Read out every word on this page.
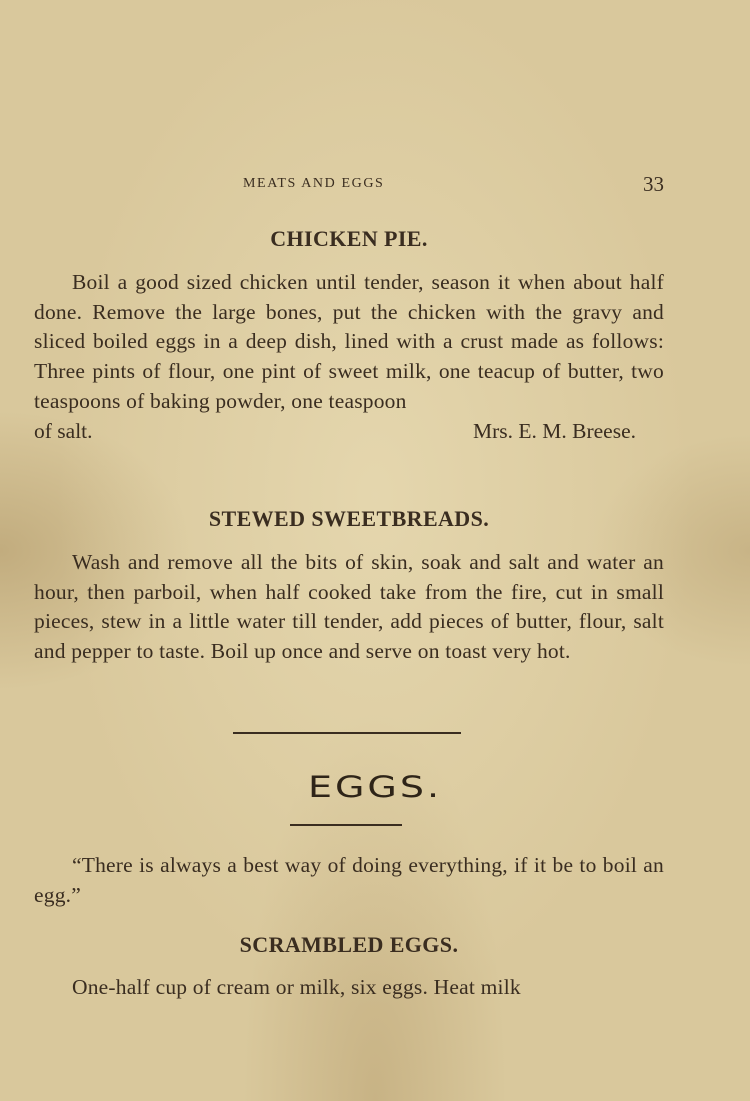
MEATS AND EGGS	33
CHICKEN PIE.

Boil a good sized chicken until tender, season it when about half done. Remove the large bones, put the chicken with the gravy and sliced boiled eggs in a deep dish, lined with a crust made as follows: Three pints of flour, one pint of sweet milk, one teacup of butter, two teaspoons of baking powder, one teaspoon

of salt.	Mrs. E. M. Breese.
STEWED SWEETBREADS.

Wash and remove all the bits of skin, soak and salt and water an hour, then parboil, when half cooked take from the fire, cut in small pieces, stew in a little water till tender, add pieces of butter, flour, salt and pepper to taste. Boil up once and serve on toast very hot.

EGGS.

“There is always a best way of doing everything, if it be to boil an egg.”

SCRAMBLED EGGS.

One-half cup of cream or milk, six eggs. Heat milk
